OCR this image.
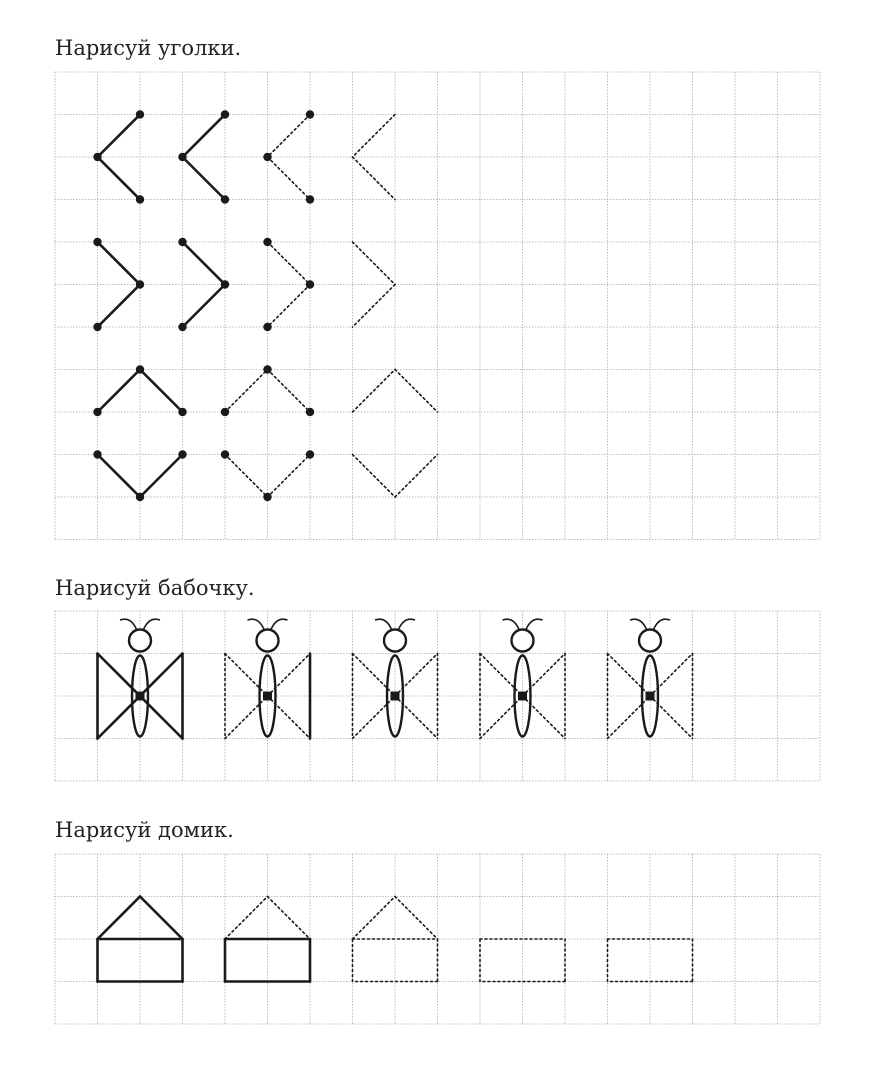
Нарисуй уголки.
Нарисуй бабочку.
Нарисуй домик.
